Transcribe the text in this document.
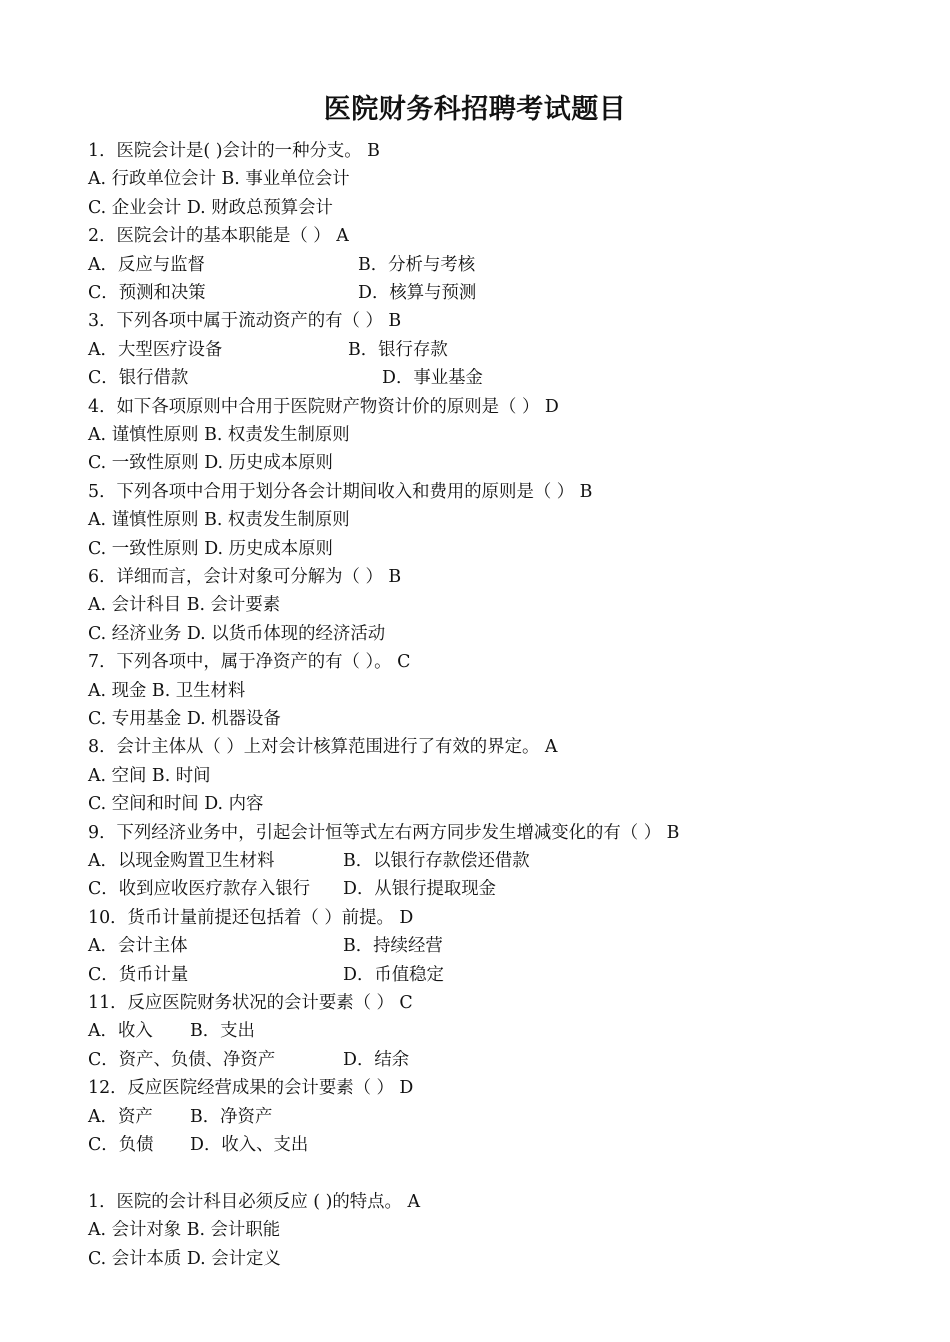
医院财务科招聘考试题目
1．医院会计是( )会计的一种分支。 B
A. 行政单位会计 B. 事业单位会计
C. 企业会计 D. 财政总预算会计
2．医院会计的基本职能是（ ） A
A．反应与监督	B．分析与考核
C．预测和决策	D．核算与预测
3．下列各项中属于流动资产的有（ ） B
A．大型医疗设备	B．银行存款
C．银行借款	D．事业基金
4．如下各项原则中合用于医院财产物资计价的原则是（ ） D
A. 谨慎性原则 B. 权责发生制原则
C. 一致性原则 D. 历史成本原则
5．下列各项中合用于划分各会计期间收入和费用的原则是（ ） B
A. 谨慎性原则 B. 权责发生制原则
C. 一致性原则 D. 历史成本原则
6．详细而言，会计对象可分解为（ ） B
A. 会计科目 B. 会计要素
C. 经济业务 D. 以货币体现的经济活动
7．下列各项中，属于净资产的有（ ）。 C
A. 现金 B. 卫生材料
C. 专用基金 D. 机器设备
8．会计主体从（ ）上对会计核算范围进行了有效的界定。 A
A. 空间 B. 时间
C. 空间和时间 D. 内容
9．下列经济业务中，引起会计恒等式左右两方同步发生增减变化的有（ ） B
A．以现金购置卫生材料	B．以银行存款偿还借款
C．收到应收医疗款存入银行 D．从银行提取现金
10．货币计量前提还包括着（ ）前提。 D
A．会计主体	B．持续经营
C．货币计量	D．币值稳定
11．反应医院财务状况的会计要素（ ） C
A．收入 B．支出
C．资产、负债、净资产	D．结余
12．反应医院经营成果的会计要素（ ） D
A．资产 B．净资产
C．负债 D．收入、支出
1．医院的会计科目必须反应 ( )的特点。 A
A. 会计对象 B. 会计职能
C. 会计本质 D. 会计定义
